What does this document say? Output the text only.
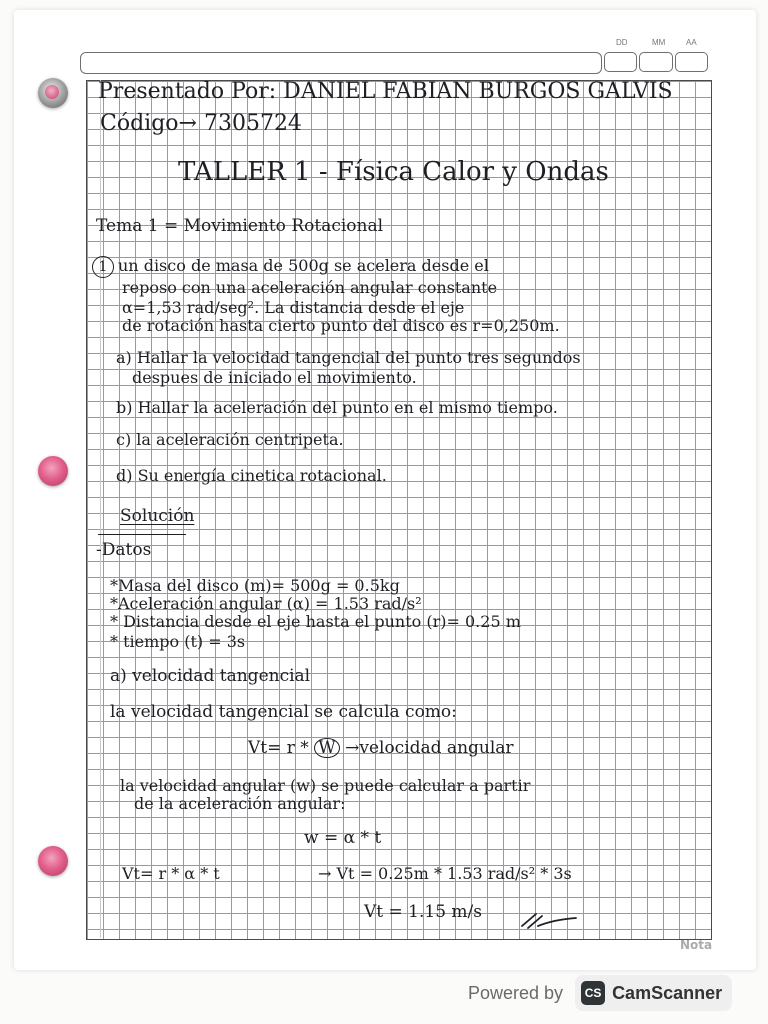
DD	MM	AA
Presentado Por: DANIEL FABIAN BURGOS GALVIS
Código→ 7305724
TALLER 1 - Física Calor y Ondas
Tema 1 = Movimiento Rotacional
1 un disco de masa de 500g se acelera desde el
reposo con una aceleración angular constante
α=1,53 rad/seg². La distancia desde el eje
de rotación hasta cierto punto del disco es r=0,250m.
a) Hallar la velocidad tangencial del punto tres segundos
despues de iniciado el movimiento.
b) Hallar la aceleración del punto en el mismo tiempo.
c) la aceleración centripeta.
d) Su energía cinetica rotacional.
Solución
-Datos
*Masa del disco (m)= 500g = 0.5kg
*Aceleración angular (α) = 1.53 rad/s²
* Distancia desde el eje hasta el punto (r)= 0.25 m
* tiempo (t) = 3s
a) velocidad tangencial
la velocidad tangencial se calcula como:
Vt= r * W →velocidad angular
la velocidad angular (w) se puede calcular a partir
de la aceleración angular:
w = α * t
Vt= r * α * t	→ Vt = 0.25m * 1.53 rad/s² * 3s
Vt = 1.15 m/s
Nota
Powered by	CS CamScanner
